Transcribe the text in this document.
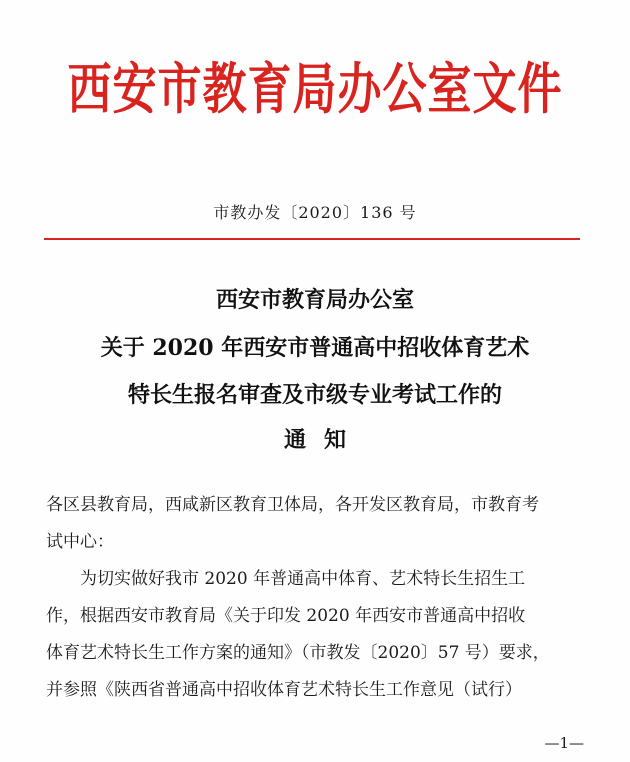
西安市教育局办公室文件
市教办发〔2020〕136 号
西安市教育局办公室
关于 2020 年西安市普通高中招收体育艺术
特长生报名审查及市级专业考试工作的
通知
各区县教育局，西咸新区教育卫体局，各开发区教育局，市教育考
试中心：
为切实做好我市 2020 年普通高中体育、艺术特长生招生工
作，根据西安市教育局《关于印发 2020 年西安市普通高中招收
体育艺术特长生工作方案的通知》（市教发〔2020〕57 号）要求，
并参照《陕西省普通高中招收体育艺术特长生工作意见（试行）
—1—
